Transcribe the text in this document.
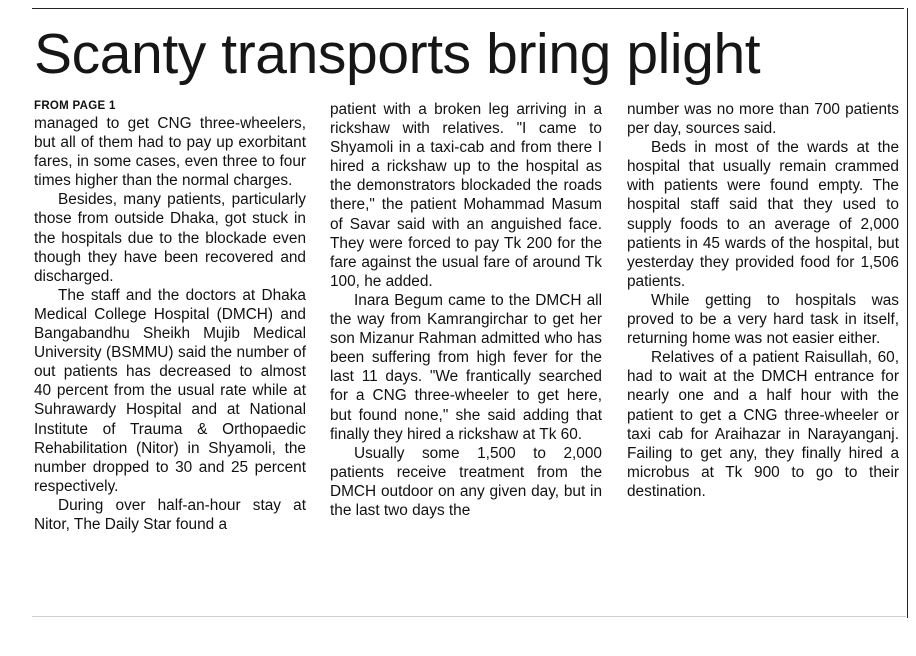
Scanty transports bring plight
FROM PAGE 1

managed to get CNG three-wheelers, but all of them had to pay up exorbitant fares, in some cases, even three to four times higher than the normal charges.

Besides, many patients, particularly those from outside Dhaka, got stuck in the hospitals due to the blockade even though they have been recovered and discharged.

The staff and the doctors at Dhaka Medical College Hospital (DMCH) and Bangabandhu Sheikh Mujib Medical University (BSMMU) said the number of out patients has decreased to almost 40 percent from the usual rate while at Suhrawardy Hospital and at National Institute of Trauma & Orthopaedic Rehabilitation (Nitor) in Shyamoli, the number dropped to 30 and 25 percent respectively.

During over half-an-hour stay at Nitor, The Daily Star found a

patient with a broken leg arriving in a rickshaw with relatives. "I came to Shyamoli in a taxi-cab and from there I hired a rickshaw up to the hospital as the demonstrators blockaded the roads there," the patient Mohammad Masum of Savar said with an anguished face. They were forced to pay Tk 200 for the fare against the usual fare of around Tk 100, he added.

Inara Begum came to the DMCH all the way from Kamrangirchar to get her son Mizanur Rahman admitted who has been suffering from high fever for the last 11 days. "We frantically searched for a CNG three-wheeler to get here, but found none," she said adding that finally they hired a rickshaw at Tk 60.

Usually some 1,500 to 2,000 patients receive treatment from the DMCH outdoor on any given day, but in the last two days the

number was no more than 700 patients per day, sources said.

Beds in most of the wards at the hospital that usually remain crammed with patients were found empty. The hospital staff said that they used to supply foods to an average of 2,000 patients in 45 wards of the hospital, but yesterday they provided food for 1,506 patients.

While getting to hospitals was proved to be a very hard task in itself, returning home was not easier either.

Relatives of a patient Raisullah, 60, had to wait at the DMCH entrance for nearly one and a half hour with the patient to get a CNG three-wheeler or taxi cab for Araihazar in Narayanganj. Failing to get any, they finally hired a microbus at Tk 900 to go to their destination.
